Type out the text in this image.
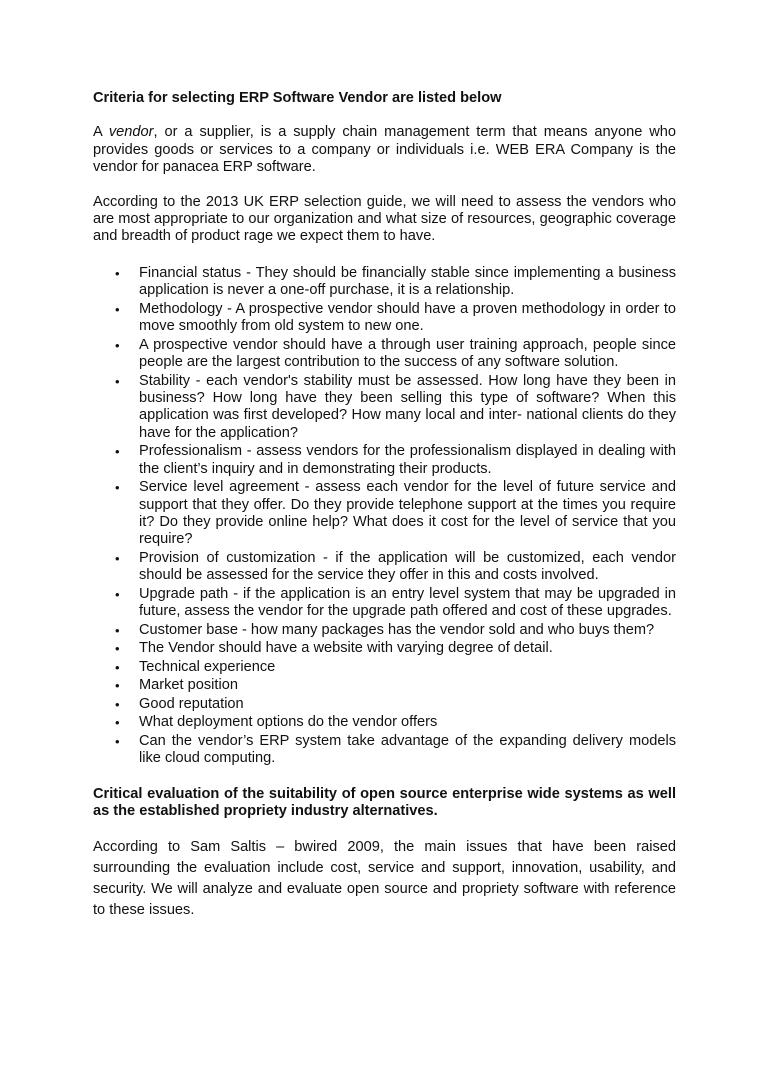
Criteria for selecting ERP Software Vendor are listed below

A vendor, or a supplier, is a supply chain management term that means anyone who provides goods or services to a company or individuals i.e. WEB ERA Company is the vendor for panacea ERP software.

According to the 2013 UK ERP selection guide, we will need to assess the vendors who are most appropriate to our organization and what size of resources, geographic coverage and breadth of product rage we expect them to have.

• Financial status - They should be financially stable since implementing a business application is never a one-off purchase, it is a relationship.
• Methodology - A prospective vendor should have a proven methodology in order to move smoothly from old system to new one.
• A prospective vendor should have a through user training approach, people since people are the largest contribution to the success of any software solution.
• Stability - each vendor's stability must be assessed. How long have they been in business? How long have they been selling this type of software? When this application was first developed? How many local and inter- national clients do they have for the application?
• Professionalism - assess vendors for the professionalism displayed in dealing with the client’s inquiry and in demonstrating their products.
• Service level agreement - assess each vendor for the level of future service and support that they offer. Do they provide telephone support at the times you require it? Do they provide online help? What does it cost for the level of service that you require?
• Provision of customization - if the application will be customized, each vendor should be assessed for the service they offer in this and costs involved.
• Upgrade path - if the application is an entry level system that may be upgraded in future, assess the vendor for the upgrade path offered and cost of these upgrades.
• Customer base - how many packages has the vendor sold and who buys them?
• The Vendor should have a website with varying degree of detail.
• Technical experience
• Market position
• Good reputation
• What deployment options do the vendor offers
• Can the vendor’s ERP system take advantage of the expanding delivery models like cloud computing.

Critical evaluation of the suitability of open source enterprise wide systems as well as the established propriety industry alternatives.

According to Sam Saltis – bwired 2009, the main issues that have been raised surrounding the evaluation include cost, service and support, innovation, usability, and security. We will analyze and evaluate open source and propriety software with reference to these issues.
